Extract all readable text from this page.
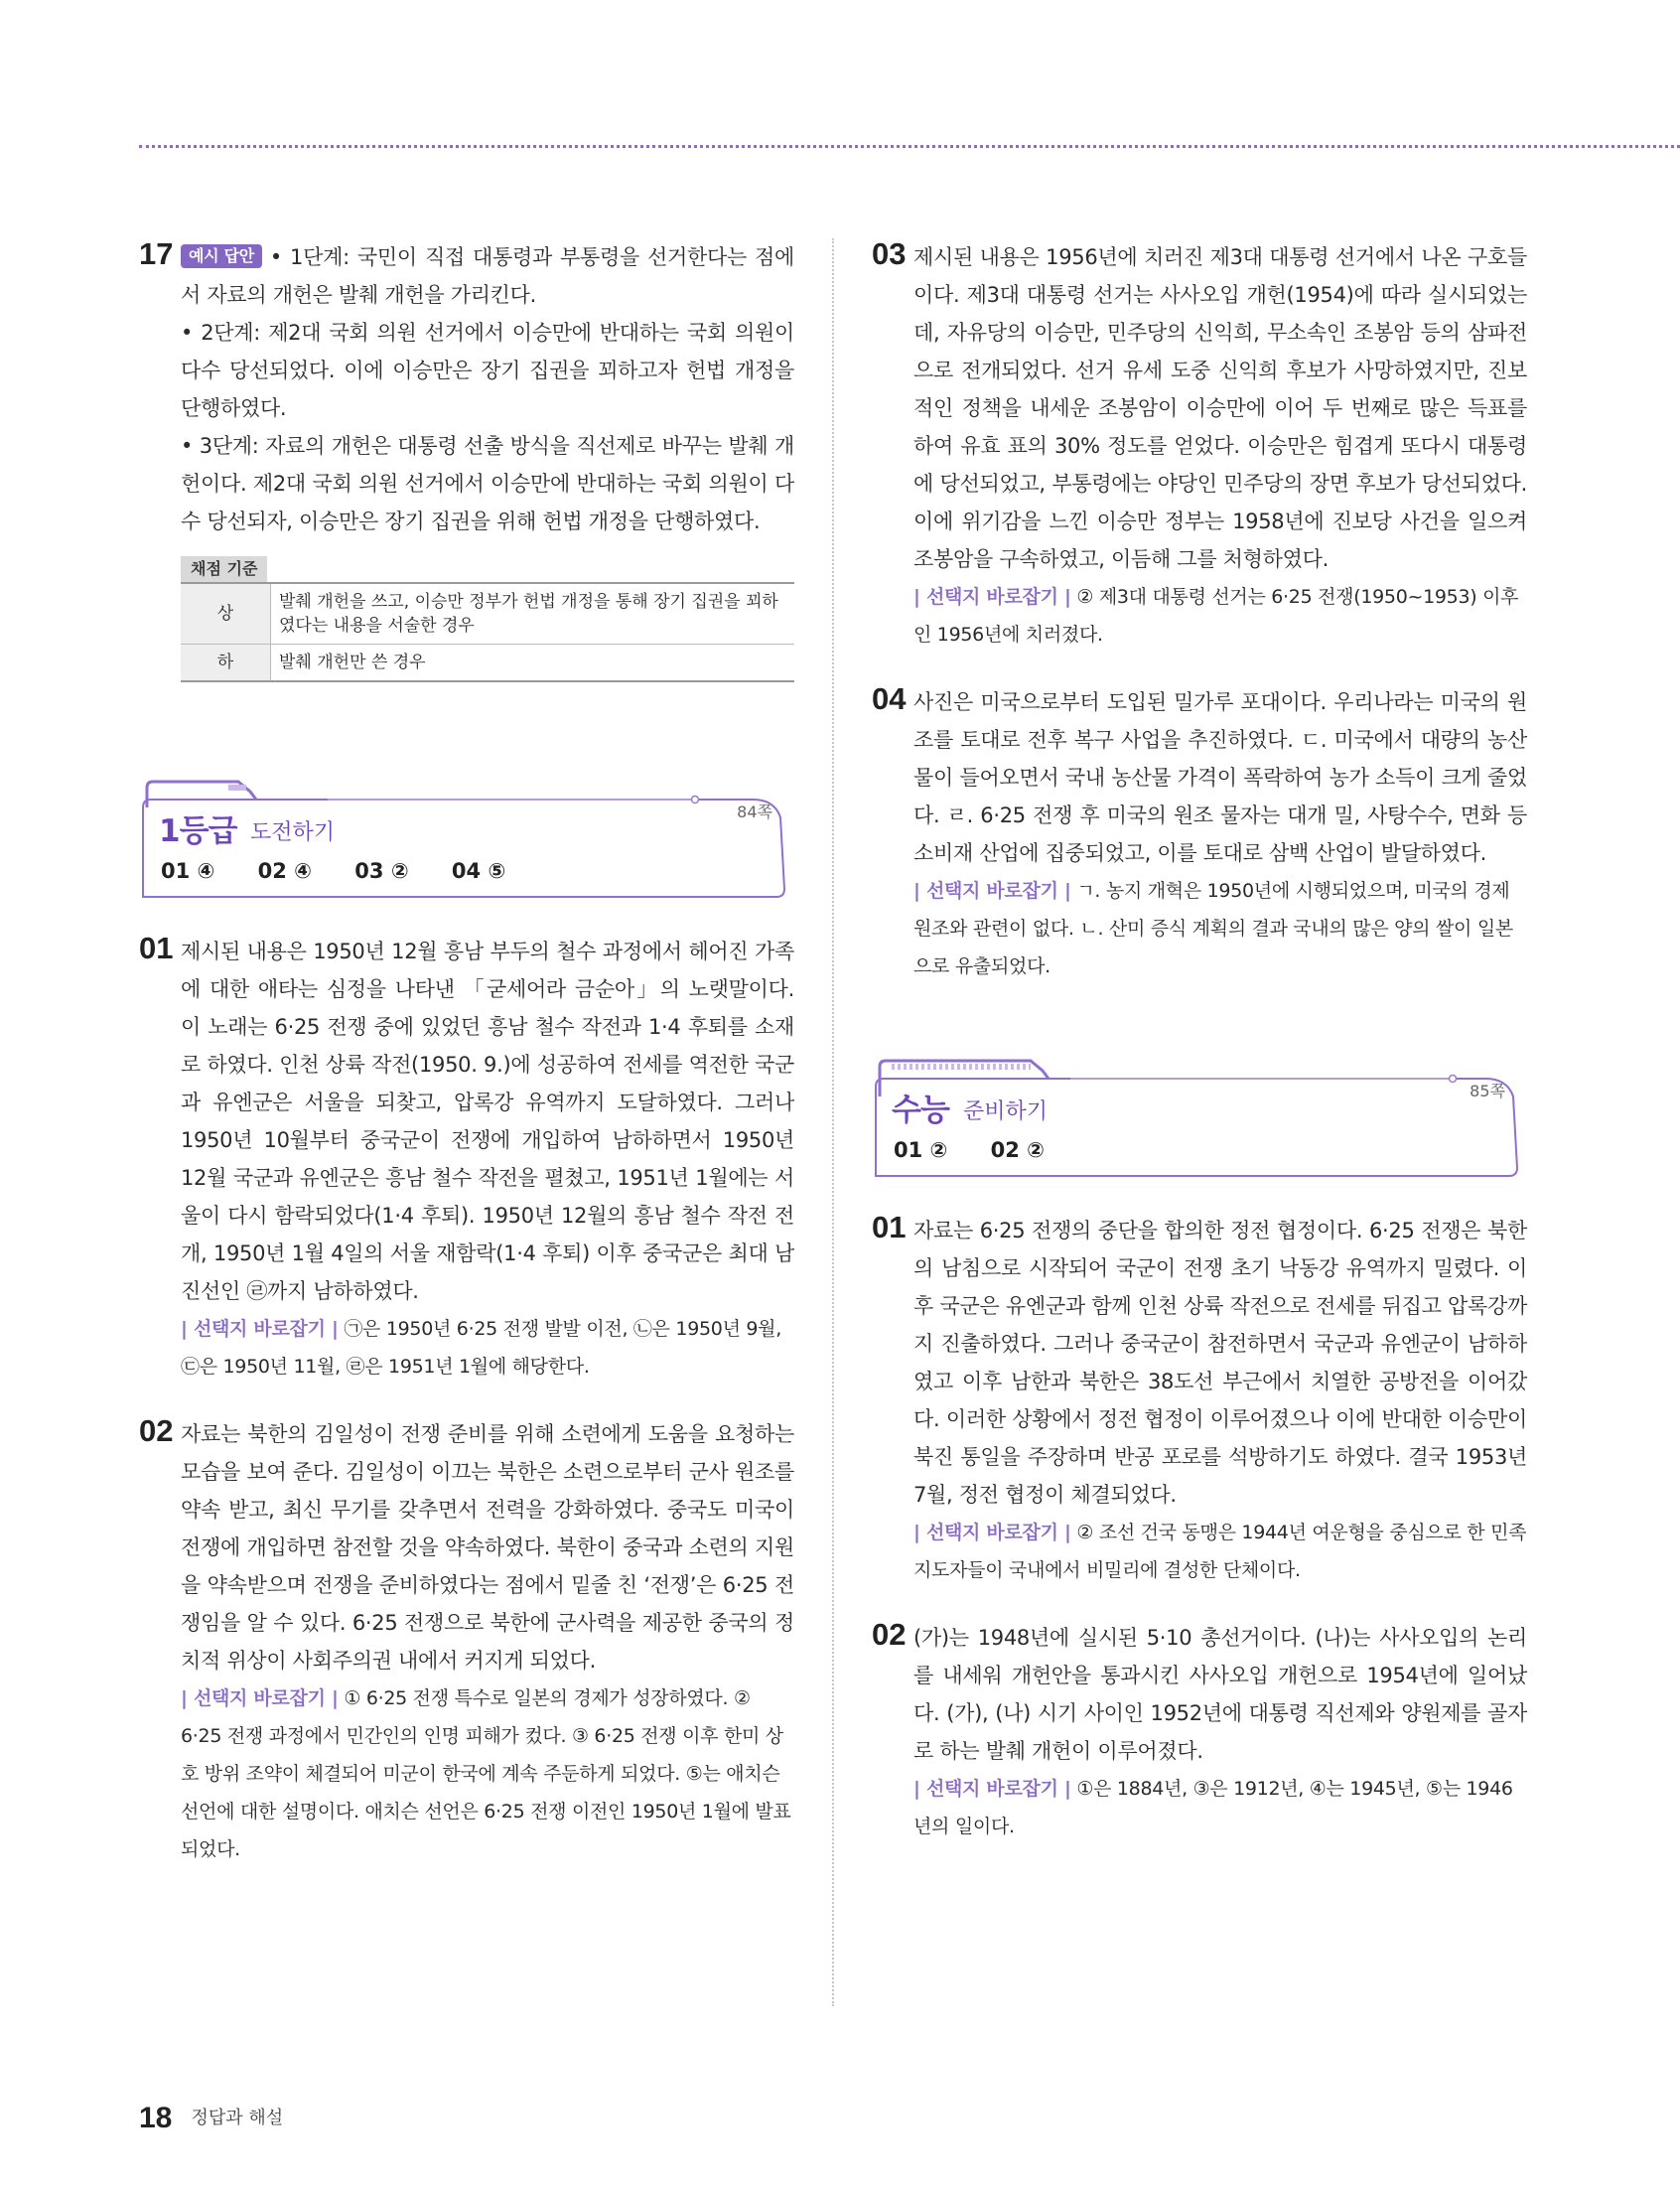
17 예시 답안 • 1단계: 국민이 직접 대통령과 부통령을 선거한다는 점에서 자료의 개헌은 발췌 개헌을 가리킨다.

• 2단계: 제2대 국회 의원 선거에서 이승만에 반대하는 국회 의원이 다수 당선되었다. 이에 이승만은 장기 집권을 꾀하고자 헌법 개정을 단행하였다.

• 3단계: 자료의 개헌은 대통령 선출 방식을 직선제로 바꾸는 발췌 개헌이다. 제2대 국회 의원 선거에서 이승만에 반대하는 국회 의원이 다수 당선되자, 이승만은 장기 집권을 위해 헌법 개정을 단행하였다.

채점 기준
상	발췌 개헌을 쓰고, 이승만 정부가 헌법 개정을 통해 장기 집권을 꾀하였다는 내용을 서술한 경우
하	발췌 개헌만 쓴 경우
1등급 도전하기
84쪽
01 ④ 02 ④ 03 ② 04 ⑤
01 제시된 내용은 1950년 12월 흥남 부두의 철수 과정에서 헤어진 가족에 대한 애타는 심정을 나타낸 「굳세어라 금순아」의 노랫말이다. 이 노래는 6·25 전쟁 중에 있었던 흥남 철수 작전과 1·4 후퇴를 소재로 하였다. 인천 상륙 작전(1950. 9.)에 성공하여 전세를 역전한 국군과 유엔군은 서울을 되찾고, 압록강 유역까지 도달하였다. 그러나 1950년 10월부터 중국군이 전쟁에 개입하여 남하하면서 1950년 12월 국군과 유엔군은 흥남 철수 작전을 펼쳤고, 1951년 1월에는 서울이 다시 함락되었다(1·4 후퇴). 1950년 12월의 흥남 철수 작전 전개, 1950년 1월 4일의 서울 재함락(1·4 후퇴) 이후 중국군은 최대 남진선인 ㉣까지 남하하였다.

| 선택지 바로잡기 | ㉠은 1950년 6·25 전쟁 발발 이전, ㉡은 1950년 9월, ㉢은 1950년 11월, ㉣은 1951년 1월에 해당한다.

02 자료는 북한의 김일성이 전쟁 준비를 위해 소련에게 도움을 요청하는 모습을 보여 준다. 김일성이 이끄는 북한은 소련으로부터 군사 원조를 약속 받고, 최신 무기를 갖추면서 전력을 강화하였다. 중국도 미국이 전쟁에 개입하면 참전할 것을 약속하였다. 북한이 중국과 소련의 지원을 약속받으며 전쟁을 준비하였다는 점에서 밑줄 친 ‘전쟁’은 6·25 전쟁임을 알 수 있다. 6·25 전쟁으로 북한에 군사력을 제공한 중국의 정치적 위상이 사회주의권 내에서 커지게 되었다.

| 선택지 바로잡기 | ① 6·25 전쟁 특수로 일본의 경제가 성장하였다. ② 6·25 전쟁 과정에서 민간인의 인명 피해가 컸다. ③ 6·25 전쟁 이후 한미 상호 방위 조약이 체결되어 미군이 한국에 계속 주둔하게 되었다. ⑤는 애치슨 선언에 대한 설명이다. 애치슨 선언은 6·25 전쟁 이전인 1950년 1월에 발표되었다.

03 제시된 내용은 1956년에 치러진 제3대 대통령 선거에서 나온 구호들이다. 제3대 대통령 선거는 사사오입 개헌(1954)에 따라 실시되었는데, 자유당의 이승만, 민주당의 신익희, 무소속인 조봉암 등의 삼파전으로 전개되었다. 선거 유세 도중 신익희 후보가 사망하였지만, 진보적인 정책을 내세운 조봉암이 이승만에 이어 두 번째로 많은 득표를 하여 유효 표의 30% 정도를 얻었다. 이승만은 힘겹게 또다시 대통령에 당선되었고, 부통령에는 야당인 민주당의 장면 후보가 당선되었다. 이에 위기감을 느낀 이승만 정부는 1958년에 진보당 사건을 일으켜 조봉암을 구속하였고, 이듬해 그를 처형하였다.

| 선택지 바로잡기 | ② 제3대 대통령 선거는 6·25 전쟁(1950~1953) 이후인 1956년에 치러졌다.

04 사진은 미국으로부터 도입된 밀가루 포대이다. 우리나라는 미국의 원조를 토대로 전후 복구 사업을 추진하였다. ㄷ. 미국에서 대량의 농산물이 들어오면서 국내 농산물 가격이 폭락하여 농가 소득이 크게 줄었다. ㄹ. 6·25 전쟁 후 미국의 원조 물자는 대개 밀, 사탕수수, 면화 등 소비재 산업에 집중되었고, 이를 토대로 삼백 산업이 발달하였다.

| 선택지 바로잡기 | ㄱ. 농지 개혁은 1950년에 시행되었으며, 미국의 경제 원조와 관련이 없다. ㄴ. 산미 증식 계획의 결과 국내의 많은 양의 쌀이 일본으로 유출되었다.

수능 준비하기
85쪽
01 ② 02 ②
01 자료는 6·25 전쟁의 중단을 합의한 정전 협정이다. 6·25 전쟁은 북한의 남침으로 시작되어 국군이 전쟁 초기 낙동강 유역까지 밀렸다. 이후 국군은 유엔군과 함께 인천 상륙 작전으로 전세를 뒤집고 압록강까지 진출하였다. 그러나 중국군이 참전하면서 국군과 유엔군이 남하하였고 이후 남한과 북한은 38도선 부근에서 치열한 공방전을 이어갔다. 이러한 상황에서 정전 협정이 이루어졌으나 이에 반대한 이승만이 북진 통일을 주장하며 반공 포로를 석방하기도 하였다. 결국 1953년 7월, 정전 협정이 체결되었다.

| 선택지 바로잡기 | ② 조선 건국 동맹은 1944년 여운형을 중심으로 한 민족 지도자들이 국내에서 비밀리에 결성한 단체이다.

02 (가)는 1948년에 실시된 5·10 총선거이다. (나)는 사사오입의 논리를 내세워 개헌안을 통과시킨 사사오입 개헌으로 1954년에 일어났다. (가), (나) 시기 사이인 1952년에 대통령 직선제와 양원제를 골자로 하는 발췌 개헌이 이루어졌다.

| 선택지 바로잡기 | ①은 1884년, ③은 1912년, ④는 1945년, ⑤는 1946년의 일이다.

18 정답과 해설
